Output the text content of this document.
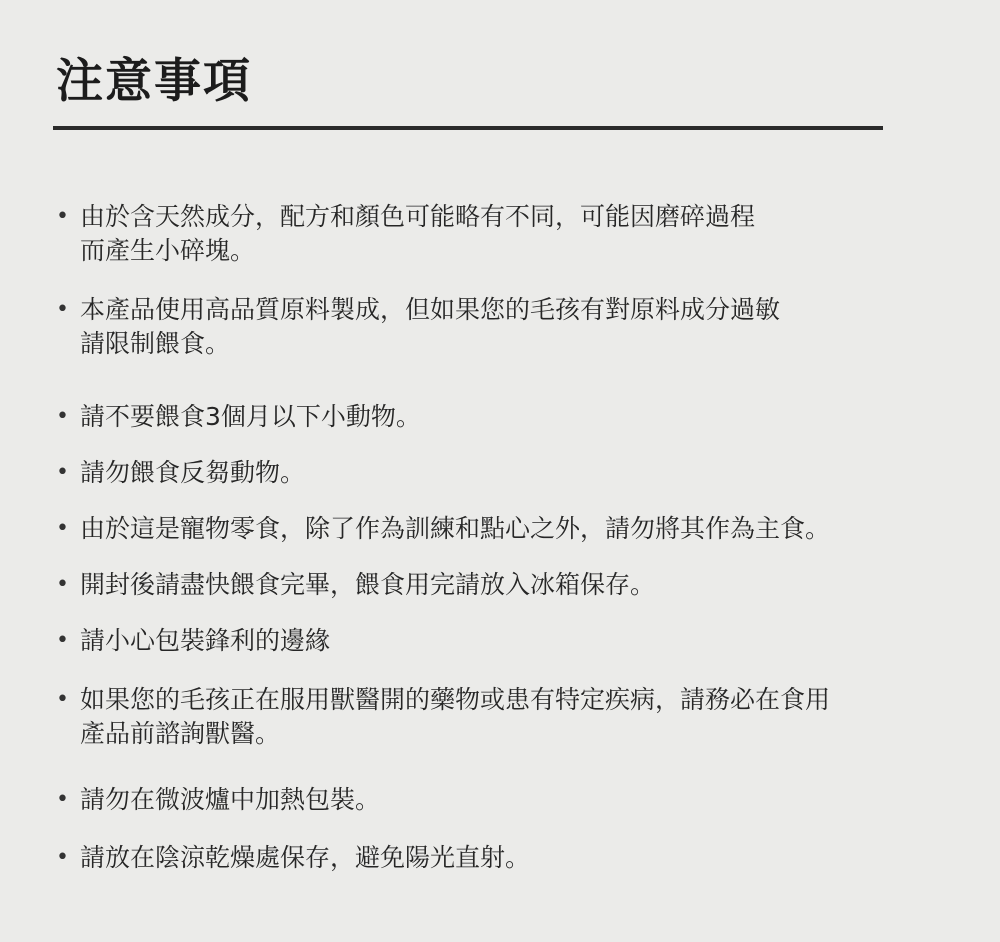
注意事項
• 由於含天然成分，配方和顏色可能略有不同，可能因磨碎過程
而產生小碎塊。
• 本產品使用高品質原料製成，但如果您的毛孩有對原料成分過敏
請限制餵食。
• 請不要餵食3個月以下小動物。
• 請勿餵食反芻動物。
• 由於這是寵物零食，除了作為訓練和點心之外，請勿將其作為主食。
• 開封後請盡快餵食完畢，餵食用完請放入冰箱保存。
• 請小心包裝鋒利的邊緣
• 如果您的毛孩正在服用獸醫開的藥物或患有特定疾病，請務必在食用
產品前諮詢獸醫。
• 請勿在微波爐中加熱包裝。
• 請放在陰涼乾燥處保存，避免陽光直射。
